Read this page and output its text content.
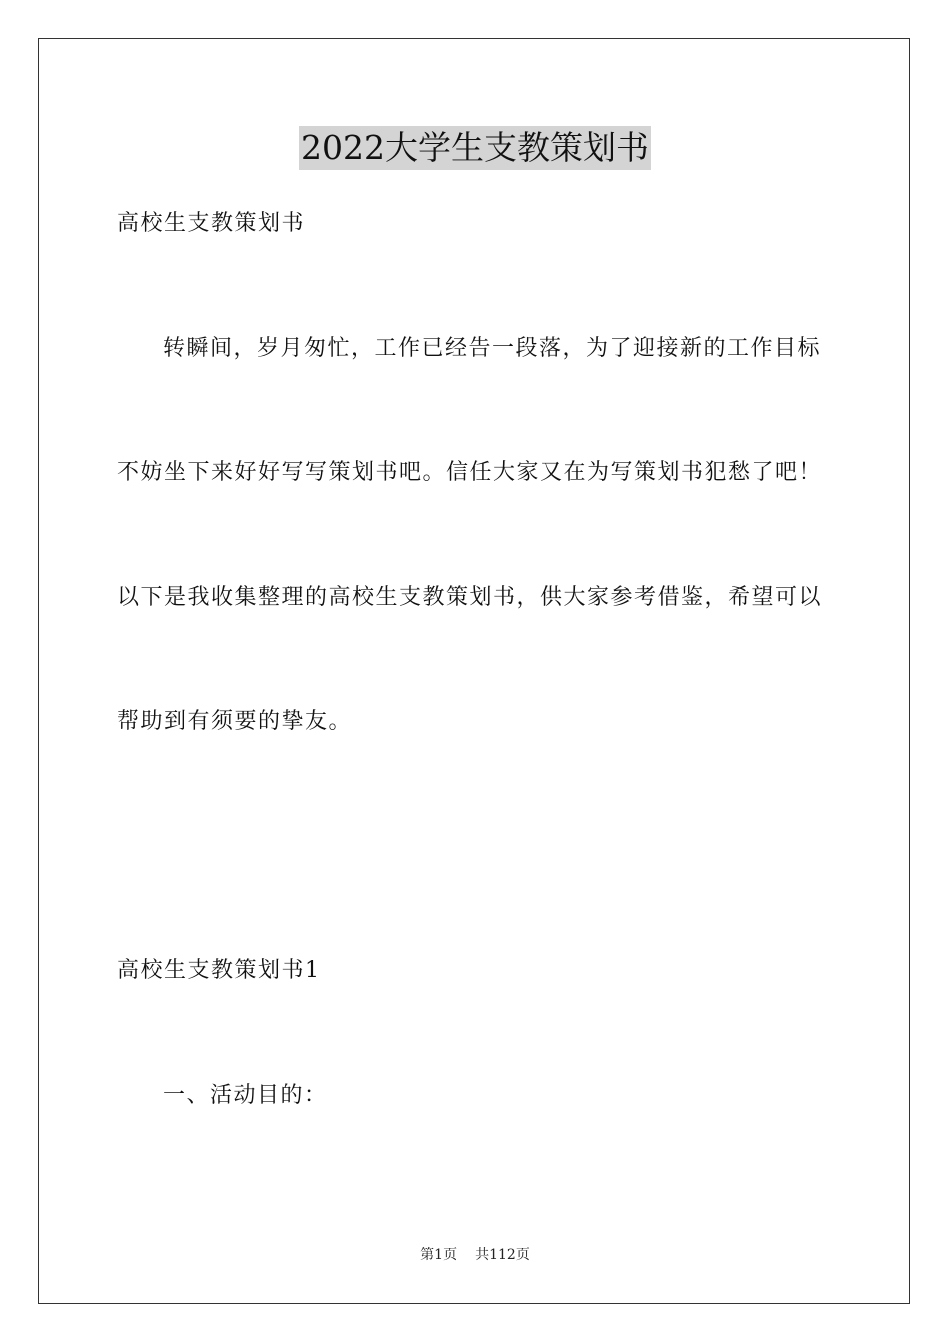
2022大学生支教策划书
高校生支教策划书
转瞬间，岁月匆忙，工作已经告一段落，为了迎接新的工作目标
不妨坐下来好好写写策划书吧。信任大家又在为写策划书犯愁了吧！
以下是我收集整理的高校生支教策划书，供大家参考借鉴，希望可以
帮助到有须要的挚友。
高校生支教策划书1
一、活动目的：
第1页 共112页
